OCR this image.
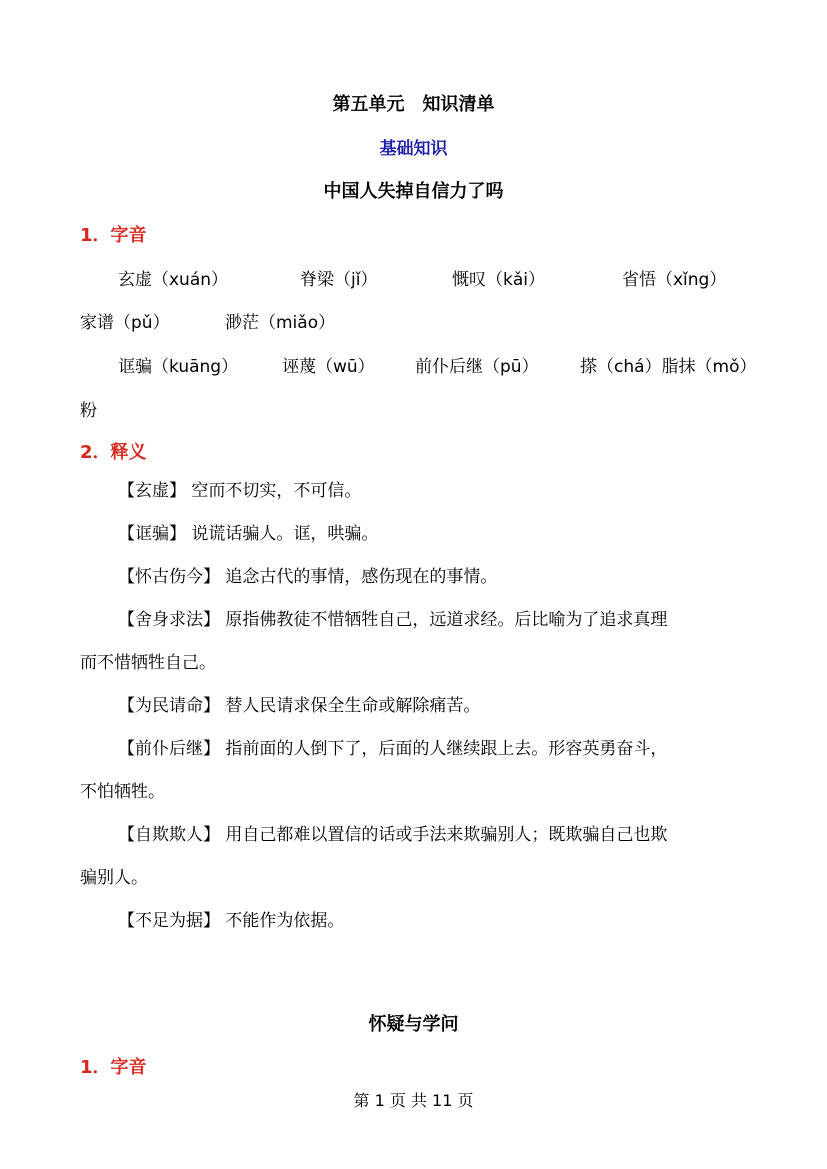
第五单元　知识清单
基础知识
中国人失掉自信力了吗
1．字音
玄虚（xuán）	脊梁（jǐ）	慨叹（kǎi）	省悟（xǐng）
家谱（pǔ）	渺茫（miǎo）
诓骗（kuāng）	诬蔑（wū） 前仆后继（pū） 搽（chá）脂抹（mǒ）
粉
2．释义
【玄虚】 空而不切实，不可信。
【诓骗】 说谎话骗人。诓，哄骗。
【怀古伤今】 追念古代的事情，感伤现在的事情。
【舍身求法】 原指佛教徒不惜牺牲自己，远道求经。后比喻为了追求真理
而不惜牺牲自己。
【为民请命】 替人民请求保全生命或解除痛苦。
【前仆后继】 指前面的人倒下了，后面的人继续跟上去。形容英勇奋斗，
不怕牺牲。
【自欺欺人】 用自己都难以置信的话或手法来欺骗别人；既欺骗自己也欺
骗别人。
【不足为据】 不能作为依据。
怀疑与学问
1．字音
第 1 页 共 11 页
